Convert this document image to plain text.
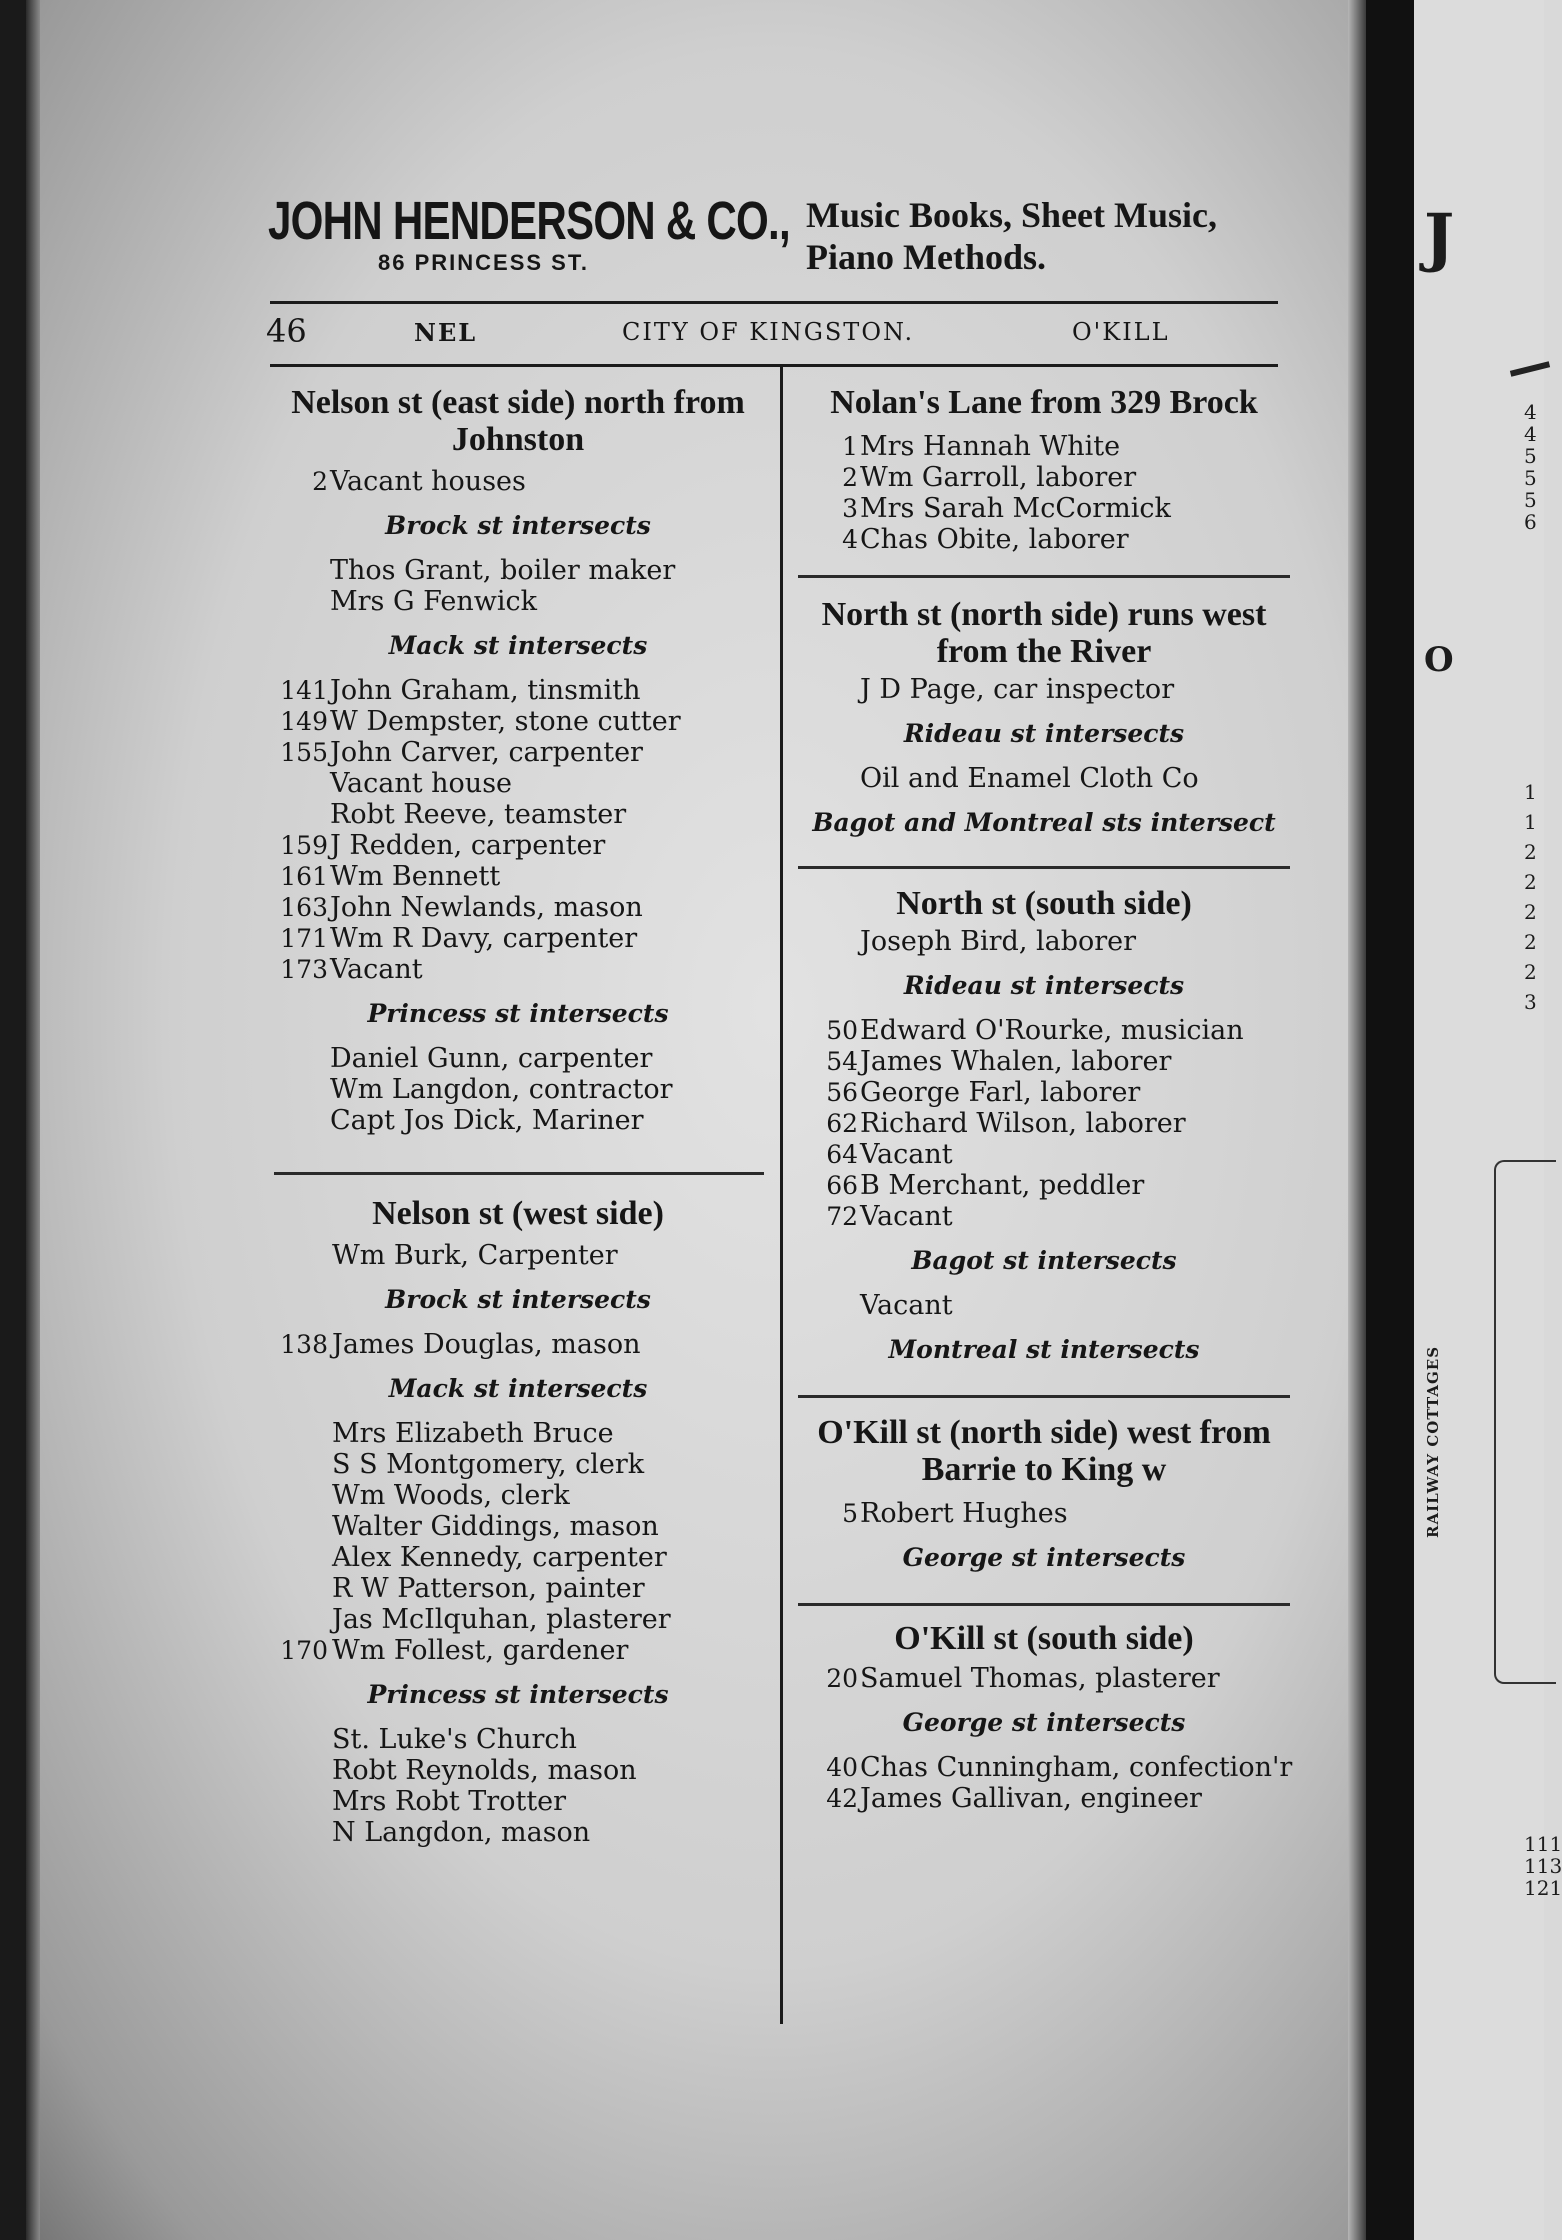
J
O
RAILWAY COTTAGES
4
4
5
5
5
6
1
1
2
2
2
2
2
3
111
113
121
JOHN HENDERSON & CO.,
86 PRINCESS ST.
Music Books, Sheet Music,
Piano Methods.
46	NEL	CITY OF KINGSTON.	O'KILL
Nelson st (east side) north from Johnston
2 Vacant houses
Brock st intersects
Thos Grant, boiler maker
Mrs G Fenwick
Mack st intersects
141 John Graham, tinsmith
149 W Dempster, stone cutter
155 John Carver, carpenter
Vacant house
Robt Reeve, teamster
159 J Redden, carpenter
161 Wm Bennett
163 John Newlands, mason
171 Wm R Davy, carpenter
173 Vacant
Princess st intersects
Daniel Gunn, carpenter
Wm Langdon, contractor
Capt Jos Dick, Mariner
Nelson st (west side)
Wm Burk, Carpenter
Brock st intersects
138 James Douglas, mason
Mack st intersects
Mrs Elizabeth Bruce
S S Montgomery, clerk
Wm Woods, clerk
Walter Giddings, mason
Alex Kennedy, carpenter
R W Patterson, painter
Jas McIlquhan, plasterer
170 Wm Follest, gardener
Princess st intersects
St. Luke's Church
Robt Reynolds, mason
Mrs Robt Trotter
N Langdon, mason
Nolan's Lane from 329 Brock
1 Mrs Hannah White
2 Wm Garroll, laborer
3 Mrs Sarah McCormick
4 Chas Obite, laborer
North st (north side) runs west from the River
J D Page, car inspector
Rideau st intersects
Oil and Enamel Cloth Co
Bagot and Montreal sts intersect
North st (south side)
Joseph Bird, laborer
Rideau st intersects
50 Edward O'Rourke, musician
54 James Whalen, laborer
56 George Farl, laborer
62 Richard Wilson, laborer
64 Vacant
66 B Merchant, peddler
72 Vacant
Bagot st intersects
Vacant
Montreal st intersects
O'Kill st (north side) west from Barrie to King w
5 Robert Hughes
George st intersects
O'Kill st (south side)
20 Samuel Thomas, plasterer
George st intersects
40 Chas Cunningham, confection'r
42 James Gallivan, engineer
